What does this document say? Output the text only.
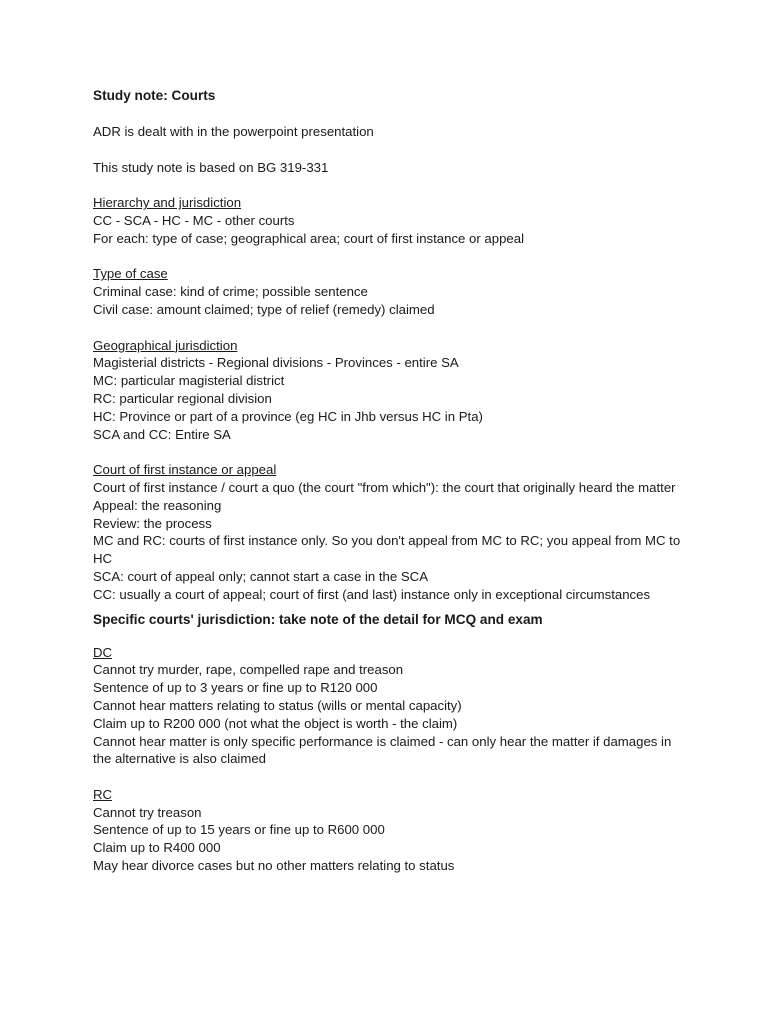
Study note: Courts
ADR is dealt with in the powerpoint presentation
This study note is based on BG 319-331
Hierarchy and jurisdiction
CC - SCA - HC - MC - other courts
For each: type of case; geographical area; court of first instance or appeal
Type of case
Criminal case: kind of crime; possible sentence
Civil case: amount claimed; type of relief (remedy) claimed
Geographical jurisdiction
Magisterial districts - Regional divisions - Provinces - entire SA
MC: particular magisterial district
RC: particular regional division
HC: Province or part of a province (eg HC in Jhb versus HC in Pta)
SCA and CC: Entire SA
Court of first instance or appeal
Court of first instance / court a quo (the court "from which"): the court that originally heard the matter
Appeal: the reasoning
Review: the process
MC and RC: courts of first instance only. So you don't appeal from MC to RC; you appeal from MC to HC
SCA: court of appeal only; cannot start a case in the SCA
CC: usually a court of appeal; court of first (and last) instance only in exceptional circumstances
Specific courts' jurisdiction: take note of the detail for MCQ and exam
DC
Cannot try murder, rape, compelled rape and treason
Sentence of up to 3 years or fine up to R120 000
Cannot hear matters relating to status (wills or mental capacity)
Claim up to R200 000 (not what the object is worth - the claim)
Cannot hear matter is only specific performance is claimed - can only hear the matter if damages in the alternative is also claimed
RC
Cannot try treason
Sentence of up to 15 years or fine up to R600 000
Claim up to R400 000
May hear divorce cases but no other matters relating to status
